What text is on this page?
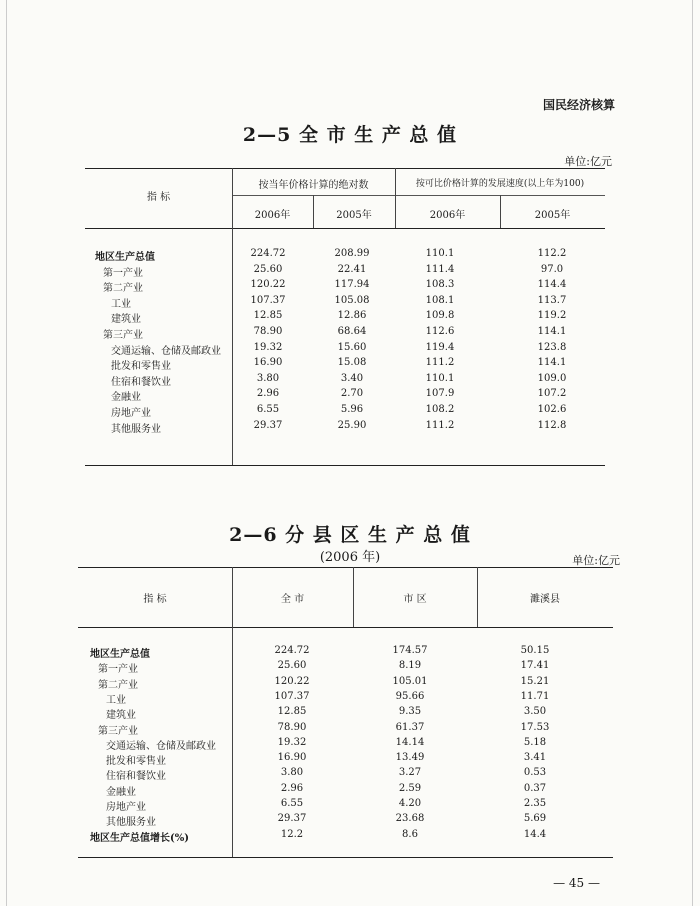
国民经济核算
2—5 全 市 生 产 总 值
单位:亿元
指 标
按当年价格计算的绝对数	按可比价格计算的发展速度(以上年为100)
2006年	2005年	2006年	2005年
地区生产总值	224.72	208.99	110.1	112.2
第一产业	25.60	22.41	111.4	97.0
第二产业	120.22	117.94	108.3	114.4
工业	107.37	105.08	108.1	113.7
建筑业	12.85	12.86	109.8	119.2
第三产业	78.90	68.64	112.6	114.1
交通运输、仓储及邮政业	19.32	15.60	119.4	123.8
批发和零售业	16.90	15.08	111.2	114.1
住宿和餐饮业	3.80	3.40	110.1	109.0
金融业	2.96	2.70	107.9	107.2
房地产业	6.55	5.96	108.2	102.6
其他服务业	29.37	25.90	111.2	112.8
2—6 分 县 区 生 产 总 值
(2006 年)	单位:亿元
指 标	全 市	市 区	濉溪县
地区生产总值	224.72	174.57	50.15
第一产业	25.60	8.19	17.41
第二产业	120.22	105.01	15.21
工业	107.37	95.66	11.71
建筑业	12.85	9.35	3.50
第三产业	78.90	61.37	17.53
交通运输、仓储及邮政业	19.32	14.14	5.18
批发和零售业	16.90	13.49	3.41
住宿和餐饮业	3.80	3.27	0.53
金融业	2.96	2.59	0.37
房地产业	6.55	4.20	2.35
其他服务业	29.37	23.68	5.69
地区生产总值增长(%)	12.2	8.6	14.4
— 45 —
